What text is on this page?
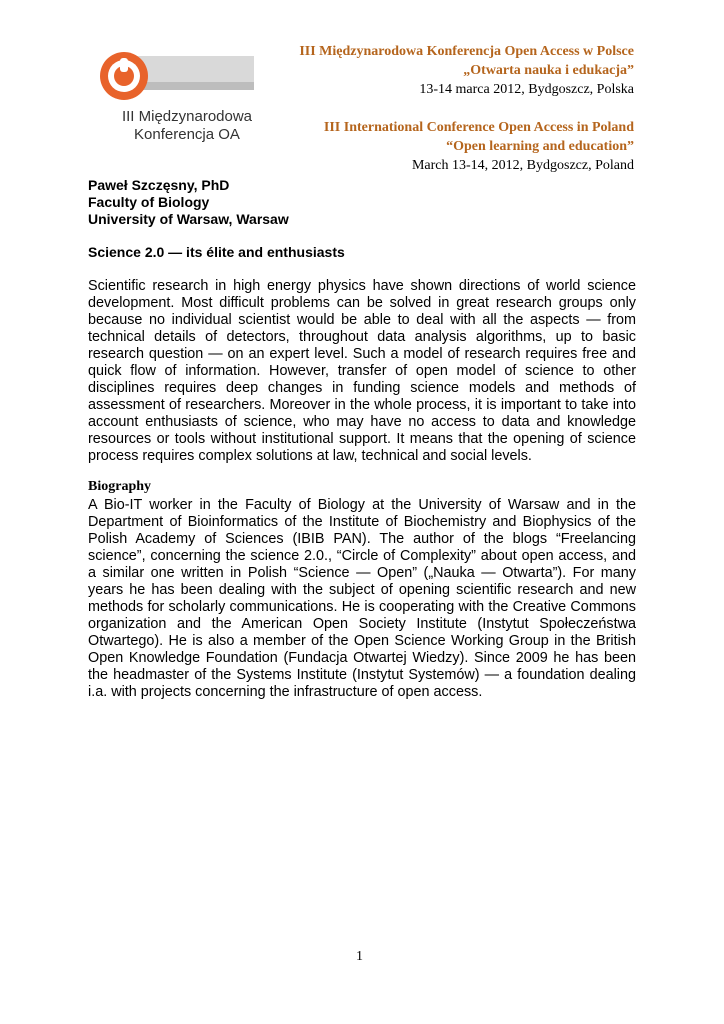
III Międzynarodowa
Konferencja OA
III Międzynarodowa Konferencja Open Access w Polsce
„Otwarta nauka i edukacja”
13-14 marca 2012, Bydgoszcz, Polska
III International Conference Open Access in Poland
“Open learning and education”
March 13-14, 2012, Bydgoszcz, Poland
Paweł Szczęsny, PhD
Faculty of Biology
University of Warsaw, Warsaw
Science 2.0 — its élite and enthusiasts
Scientific research in high energy physics have shown directions of world science development. Most difficult problems can be solved in great research groups only because no individual scientist would be able to deal with all the aspects — from technical details of detectors, throughout data analysis algorithms, up to basic research question — on an expert level. Such a model of research requires free and quick flow of information. However, transfer of open model of science to other disciplines requires deep changes in funding science models and methods of assessment of researchers. Moreover in the whole process, it is important to take into account enthusiasts of science, who may have no access to data and knowledge resources or tools without institutional support. It means that the opening of science process requires complex solutions at law, technical and social levels.
Biography
A Bio-IT worker in the Faculty of Biology at the University of Warsaw and in the Department of Bioinformatics of the Institute of Biochemistry and Biophysics of the Polish Academy of Sciences (IBIB PAN). The author of the blogs “Freelancing science”, concerning the science 2.0., “Circle of Complexity” about open access, and a similar one written in Polish “Science — Open” („Nauka — Otwarta”). For many years he has been dealing with the subject of opening scientific research and new methods for scholarly communications. He is cooperating with the Creative Commons organization and the American Open Society Institute (Instytut Społeczeństwa Otwartego). He is also a member of the Open Science Working Group in the British Open Knowledge Foundation (Fundacja Otwartej Wiedzy). Since 2009 he has been the headmaster of the Systems Institute (Instytut Systemów) — a foundation dealing i.a. with projects concerning the infrastructure of open access.
1
